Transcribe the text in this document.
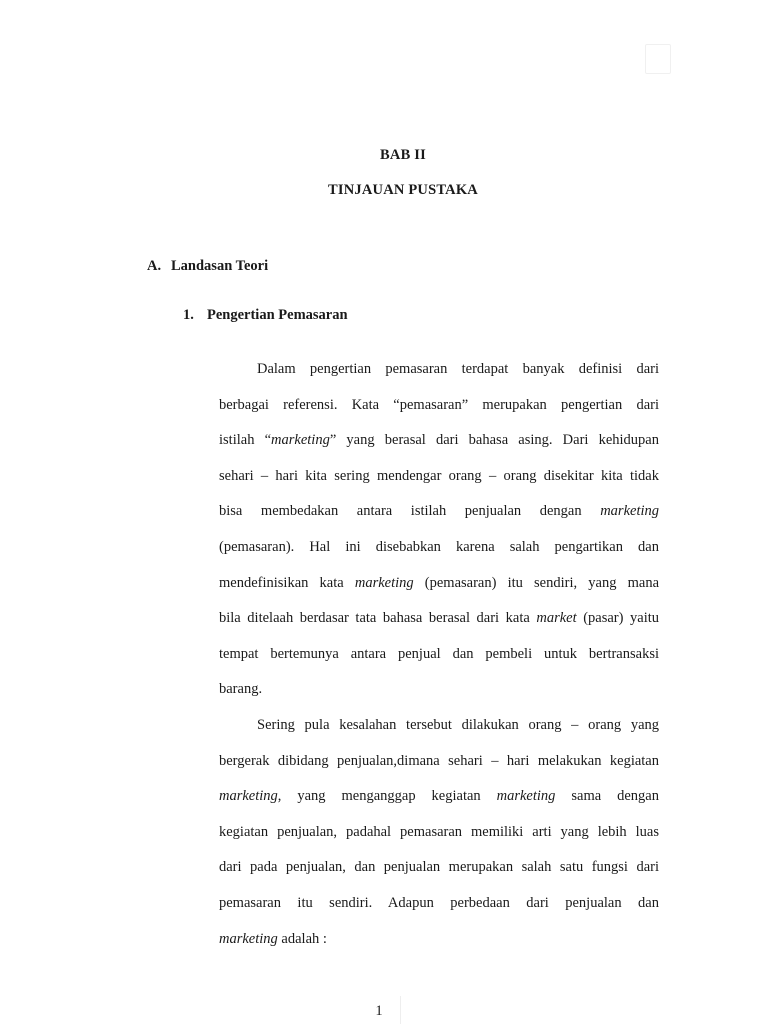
BAB II
TINJAUAN PUSTAKA
A. Landasan Teori
1. Pengertian Pemasaran
Dalam pengertian pemasaran terdapat banyak definisi dari
berbagai referensi. Kata “pemasaran” merupakan pengertian dari
istilah “marketing” yang berasal dari bahasa asing. Dari kehidupan
sehari – hari kita sering mendengar orang – orang disekitar kita tidak
bisa membedakan antara istilah penjualan dengan marketing
(pemasaran). Hal ini disebabkan karena salah pengartikan dan
mendefinisikan kata marketing (pemasaran) itu sendiri, yang mana
bila ditelaah berdasar tata bahasa berasal dari kata market (pasar) yaitu
tempat bertemunya antara penjual dan pembeli untuk bertransaksi
barang.
Sering pula kesalahan tersebut dilakukan orang – orang yang
bergerak dibidang penjualan,dimana sehari – hari melakukan kegiatan
marketing, yang menganggap kegiatan marketing sama dengan
kegiatan penjualan, padahal pemasaran memiliki arti yang lebih luas
dari pada penjualan, dan penjualan merupakan salah satu fungsi dari
pemasaran itu sendiri. Adapun perbedaan dari penjualan dan
marketing adalah :
1
